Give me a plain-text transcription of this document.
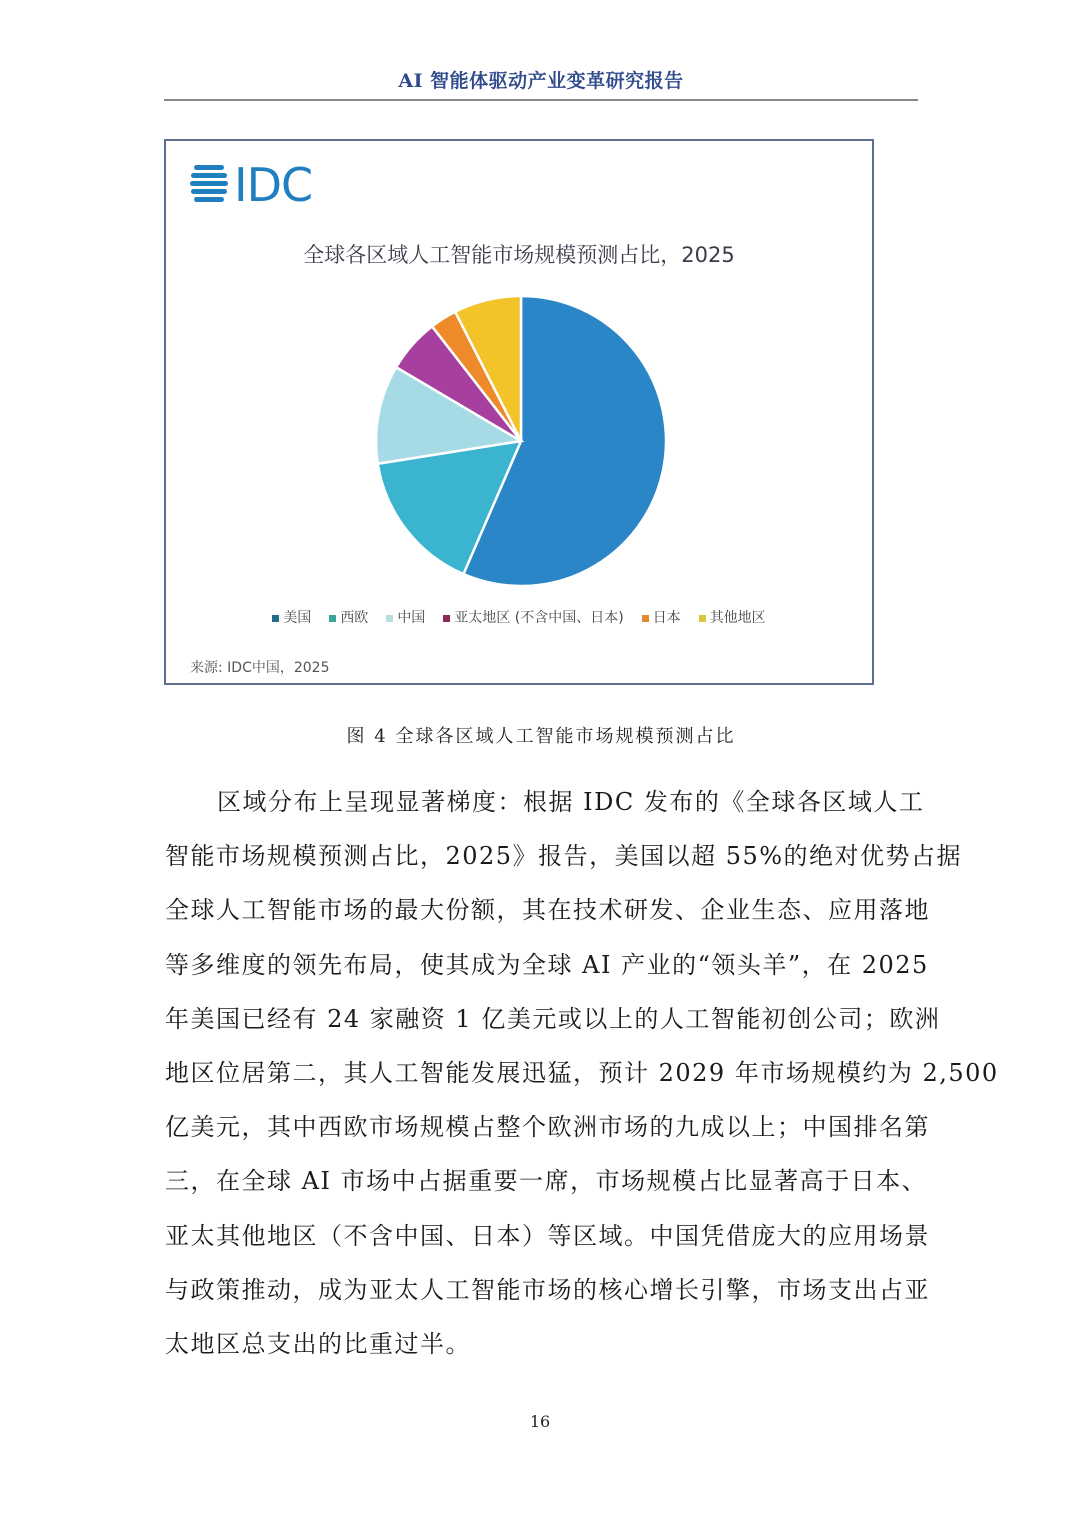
AI 智能体驱动产业变革研究报告
IDC
全球各区域人工智能市场规模预测占比，2025
美国 西欧 中国 亚太地区 (不含中国、日本) 日本 其他地区
来源: IDC中国，2025
图 4 全球各区域人工智能市场规模预测占比
区域分布上呈现显著梯度：根据 IDC 发布的《全球各区域人工
智能市场规模预测占比，2025》报告，美国以超 55%的绝对优势占据
全球人工智能市场的最大份额，其在技术研发、企业生态、应用落地
等多维度的领先布局，使其成为全球 AI 产业的“领头羊”，在 2025
年美国已经有 24 家融资 1 亿美元或以上的人工智能初创公司；欧洲
地区位居第二，其人工智能发展迅猛，预计 2029 年市场规模约为 2,500
亿美元，其中西欧市场规模占整个欧洲市场的九成以上；中国排名第
三，在全球 AI 市场中占据重要一席，市场规模占比显著高于日本、
亚太其他地区（不含中国、日本）等区域。中国凭借庞大的应用场景
与政策推动，成为亚太人工智能市场的核心增长引擎，市场支出占亚
太地区总支出的比重过半。
16
